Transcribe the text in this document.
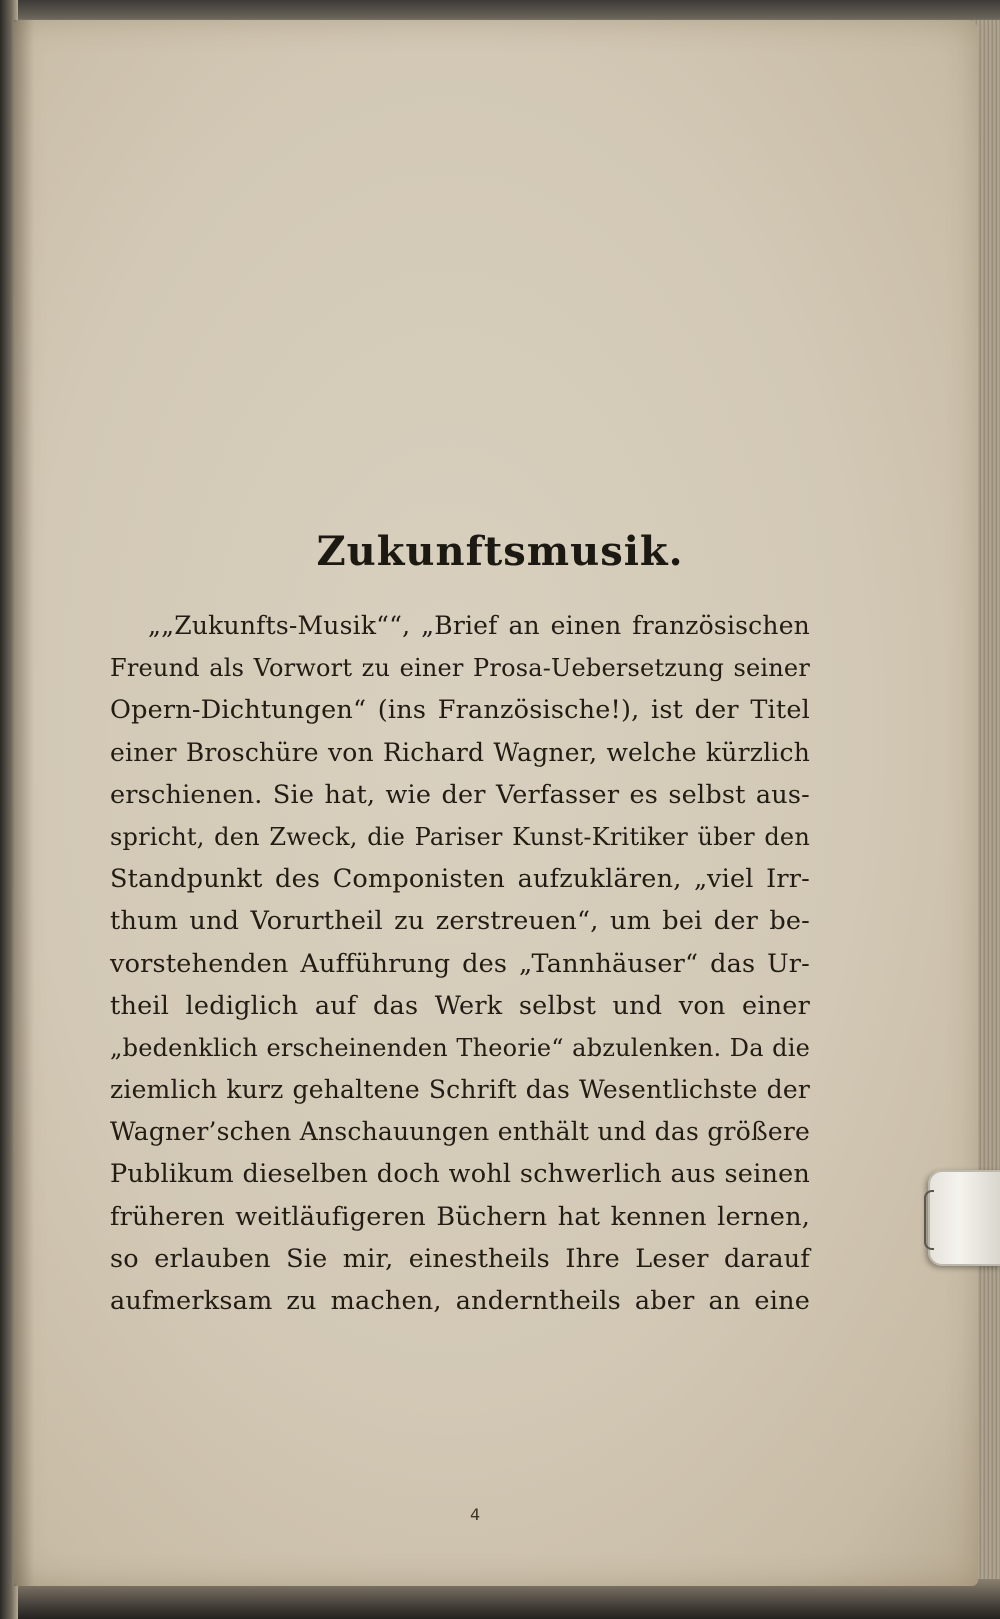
Zukunftsmusik.
„„Zukunfts-Musik““, „Brief an einen französischen
Freund als Vorwort zu einer Prosa-Uebersetzung seiner
Opern-Dichtungen“ (ins Französische!), ist der Titel
einer Broschüre von Richard Wagner, welche kürzlich
erschienen. Sie hat, wie der Verfasser es selbst aus-
spricht, den Zweck, die Pariser Kunst-Kritiker über den
Standpunkt des Componisten aufzuklären, „viel Irr-
thum und Vorurtheil zu zerstreuen“, um bei der be-
vorstehenden Aufführung des „Tannhäuser“ das Ur-
theil lediglich auf das Werk selbst und von einer
„bedenklich erscheinenden Theorie“ abzulenken. Da die
ziemlich kurz gehaltene Schrift das Wesentlichste der
Wagner’schen Anschauungen enthält und das größere
Publikum dieselben doch wohl schwerlich aus seinen
früheren weitläufigeren Büchern hat kennen lernen,
so erlauben Sie mir, einestheils Ihre Leser darauf
aufmerksam zu machen, anderntheils aber an eine
4
